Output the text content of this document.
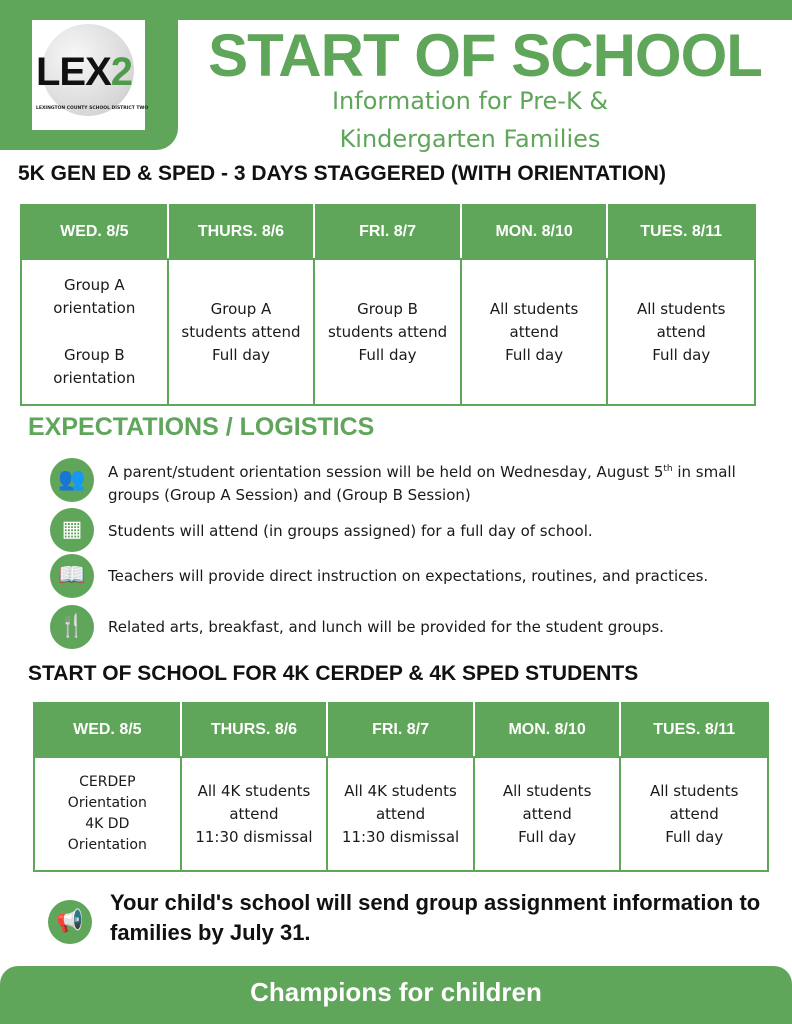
LEX2
LEXINGTON COUNTY SCHOOL DISTRICT TWO
START OF SCHOOL
Information for Pre-K &
Kindergarten Families
5K GEN ED & SPED - 3 DAYS STAGGERED (WITH ORIENTATION)
WED. 8/5	THURS. 8/6	FRI. 8/7	MON. 8/10	TUES. 8/11

Group A
orientation
Group B
orientation	Group A
students attend
Full day	Group B
students attend
Full day	All students
attend
Full day	All students
attend
Full day
EXPECTATIONS / LOGISTICS
👥	A parent/student orientation session will be held on Wednesday, August 5th in small groups (Group A Session) and (Group B Session)
▦	Students will attend (in groups assigned) for a full day of school.
📖	Teachers will provide direct instruction on expectations, routines, and practices.
🍴	Related arts, breakfast, and lunch will be provided for the student groups.
START OF SCHOOL FOR 4K CERDEP & 4K SPED STUDENTS
WED. 8/5	THURS. 8/6	FRI. 8/7	MON. 8/10	TUES. 8/11

CERDEP
Orientation
4K DD
Orientation	All 4K students
attend
11:30 dismissal	All 4K students
attend
11:30 dismissal	All students
attend
Full day	All students
attend
Full day
📢
Your child's school will send group assignment information to families by July 31.
Champions for children
